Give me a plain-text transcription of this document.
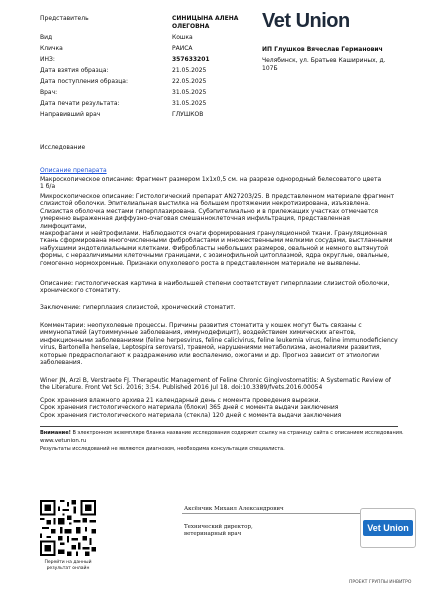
Vet Union
ИП Глушков Вячеслав Германович
Челябинск, ул. Братьев Кашириных, д.
107Б
Представитель	СИНИЦЫНА АЛЕНА
ОЛЕГОВНА
Вид	Кошка
Кличка	РАИСА
ИНЗ:	357633201
Дата взятия образца:	21.05.2025
Дата поступления образца:	22.05.2025
Врач:	31.05.2025
Дата печати результата:	31.05.2025
Направивший врач	ГЛУШКОВ
Исследование
Описание препарата
Макроскопическое описание: Фрагмент размером 1х1х0,5 см. на разрезе однородный белесоватого цвета
1 б/а
Микроскопическое описание: Гистологический препарат AN27203/25. В представленном материале фрагмент
слизистой оболочки. Эпителиальная выстилка на большем протяжении некротизирована, изъязвлена.
Слизистая оболочка местами гиперплазирована. Субэпителиально и в прилежащих участках отмечается
умеренно выраженная диффузно-очаговая смешанноклеточная инфильтрация, представленная лимфоцитами,
макрофагами и нейтрофилами. Наблюдаются очаги формирования грануляционной ткани. Грануляционная
ткань сформирована многочисленными фибробластами и множественными мелкими сосудами, выстланными
набухшими эндотелиальными клетками. Фибробласты небольших размеров, овальной и немного вытянутой
формы, с неразличимыми клеточными границами, с эозинофильной цитоплазмой, ядра округлые, овальные,
гомогенно нормохромные. Признаки опухолевого роста в представленном материале не выявлены.
Описание: гистологическая картина в наибольшей степени соответствует гиперплазии слизистой оболочки,
хронического стоматиту.
Заключение: гиперплазия слизистой, хронический стоматит.
Комментарии: неопухолевые процессы. Причины развития стоматита у кошек могут быть связаны с
иммунопатией (аутоиммунные заболевания, иммунодефицит), воздействием химических агентов,
инфекционными заболеваниями (feline herpesvirus, feline calicivirus, feline leukemia virus, feline immunodeficiency
virus, Bartonella henselae, Leptospira serovars), травмой, нарушениями метаболизма, аномалиями развития,
которые предрасполагают к раздражению или воспалению, ожогами и др. Прогноз зависит от этиологии
заболевания.
Winer JN, Arzi B, Verstraete FJ. Therapeutic Management of Feline Chronic Gingivostomatitis: A Systematic Review of
the Literature. Front Vet Sci. 2016; 3:54. Published 2016 Jul 18. doi:10.3389/fvets.2016.00054
Срок хранения влажного архива 21 календарный день с момента проведения вырезки.
Срок хранения гистологического материала (блоки) 365 дней с момента выдачи заключения
Срок хранения гистологического материала (стекла) 120 дней с момента выдачи заключения
Внимание! В электронном экземпляре бланка название исследования содержит ссылку на страницу сайта с описанием исследования.
www.vetunion.ru
Результаты исследований не являются диагнозом, необходима консультация специалиста.
Перейти на данный
результат онлайн
Аксёнчик Михаил Александрович
Технический директор,
ветеринарный врач
Vet Union
ПРОЕКТ ГРУППЫ ИНВИТРО
